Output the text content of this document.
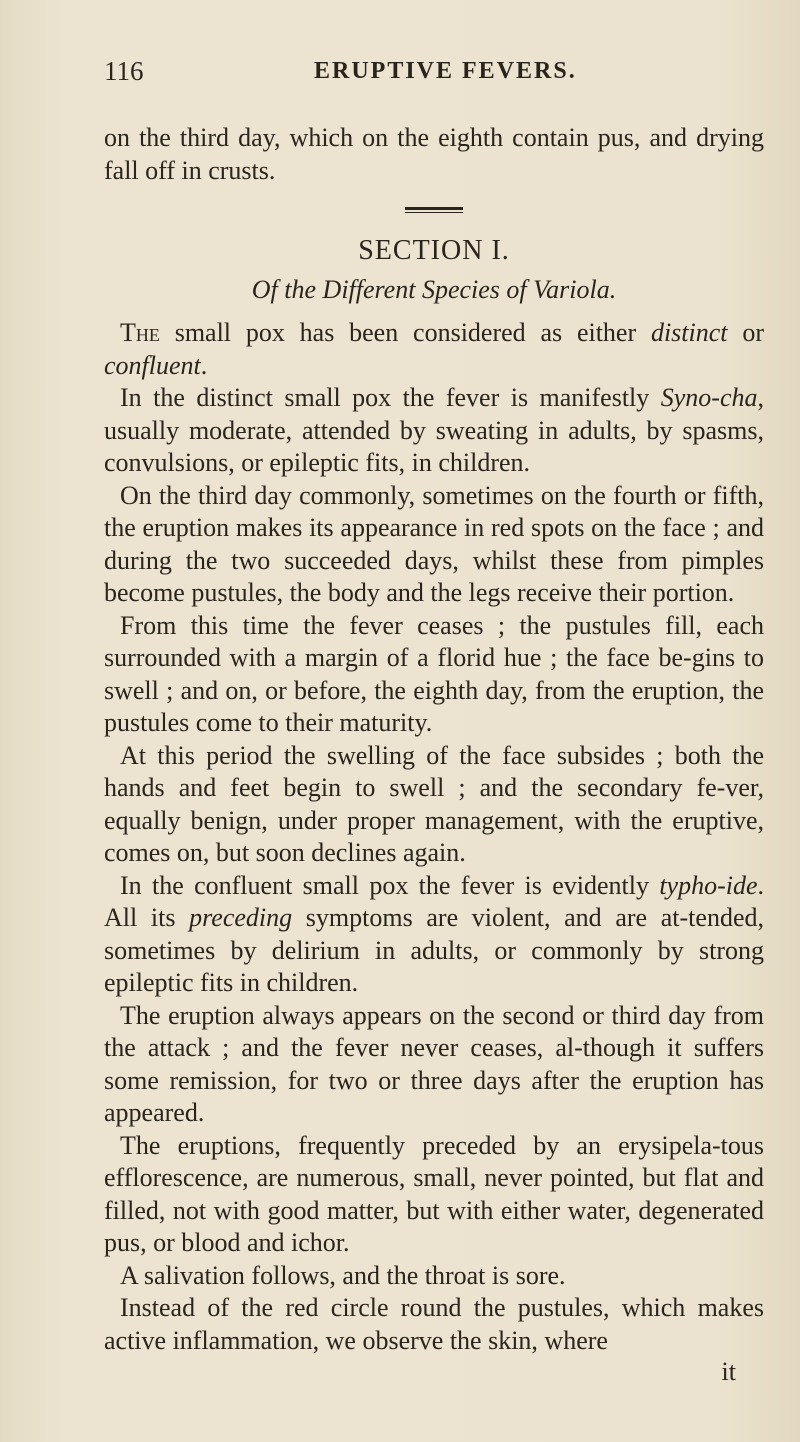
116	ERUPTIVE FEVERS.

on the third day, which on the eighth contain pus, and drying fall off in crusts.

SECTION I.

Of the Different Species of Variola.

The small pox has been considered as either distinct or confluent.

In the distinct small pox the fever is manifestly Syno-cha, usually moderate, attended by sweating in adults, by spasms, convulsions, or epileptic fits, in children.

On the third day commonly, sometimes on the fourth or fifth, the eruption makes its appearance in red spots on the face ; and during the two succeeded days, whilst these from pimples become pustules, the body and the legs receive their portion.

From this time the fever ceases ; the pustules fill, each surrounded with a margin of a florid hue ; the face be-gins to swell ; and on, or before, the eighth day, from the eruption, the pustules come to their maturity.

At this period the swelling of the face subsides ; both the hands and feet begin to swell ; and the secondary fe-ver, equally benign, under proper management, with the eruptive, comes on, but soon declines again.

In the confluent small pox the fever is evidently typho-ide. All its preceding symptoms are violent, and are at-tended, sometimes by delirium in adults, or commonly by strong epileptic fits in children.

The eruption always appears on the second or third day from the attack ; and the fever never ceases, al-though it suffers some remission, for two or three days after the eruption has appeared.

The eruptions, frequently preceded by an erysipela-tous efflorescence, are numerous, small, never pointed, but flat and filled, not with good matter, but with either water, degenerated pus, or blood and ichor.

A salivation follows, and the throat is sore.

Instead of the red circle round the pustules, which makes active inflammation, we observe the skin, where

it
